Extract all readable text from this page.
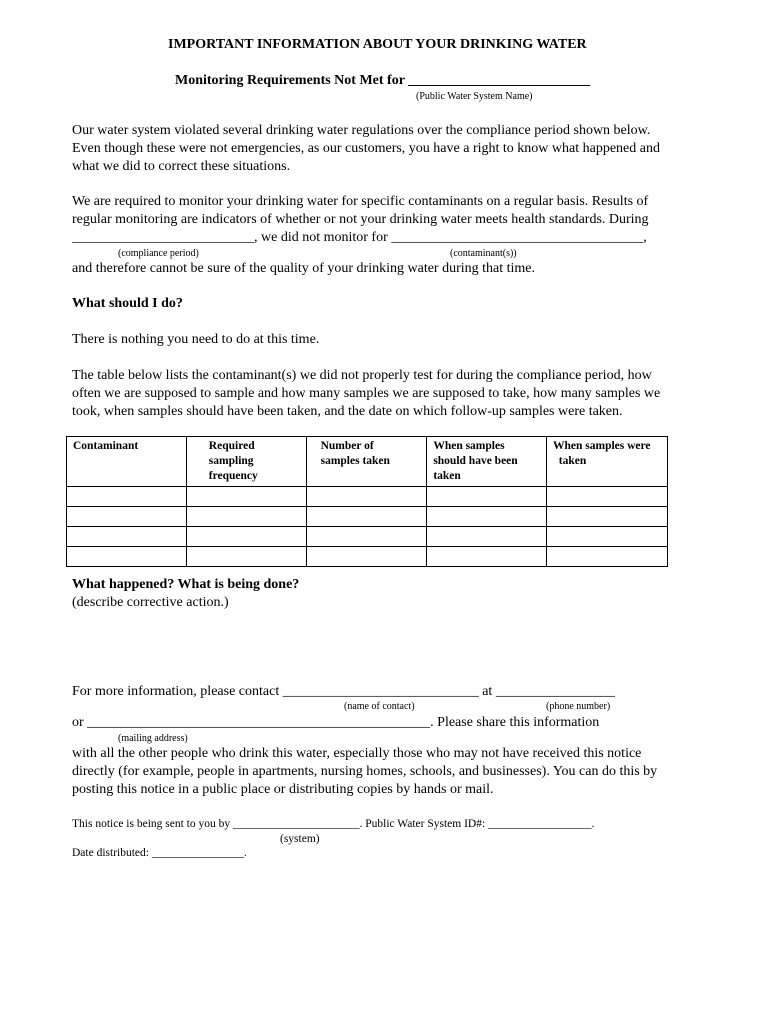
IMPORTANT INFORMATION ABOUT YOUR DRINKING WATER
Monitoring Requirements Not Met for __________________________
(Public Water System Name)
Our water system violated several drinking water regulations over the compliance period shown below.
Even though these were not emergencies, as our customers, you have a right to know what happened and
what we did to correct these situations.
We are required to monitor your drinking water for specific contaminants on a regular basis. Results of
regular monitoring are indicators of whether or not your drinking water meets health standards. During
__________________________, we did not monitor for ____________________________________,
(compliance period)	(contaminant(s))
and therefore cannot be sure of the quality of your drinking water during that time.
What should I do?
There is nothing you need to do at this time.
The table below lists the contaminant(s) we did not properly test for during the compliance period, how
often we are supposed to sample and how many samples we are supposed to take, how many samples we
took, when samples should have been taken, and the date on which follow-up samples were taken.
Contaminant	Required
sampling
frequency	Number of
samples taken	When samples
should have been
taken	When samples were
taken

What happened? What is being done?
(describe corrective action.)
For more information, please contact ____________________________ at _________________
(name of contact)	(phone number)
or _________________________________________________. Please share this information
(mailing address)
with all the other people who drink this water, especially those who may not have received this notice
directly (for example, people in apartments, nursing homes, schools, and businesses). You can do this by
posting this notice in a public place or distributing copies by hands or mail.
This notice is being sent to you by ______________________. Public Water System ID#: __________________.
(system)
Date distributed: ________________.
